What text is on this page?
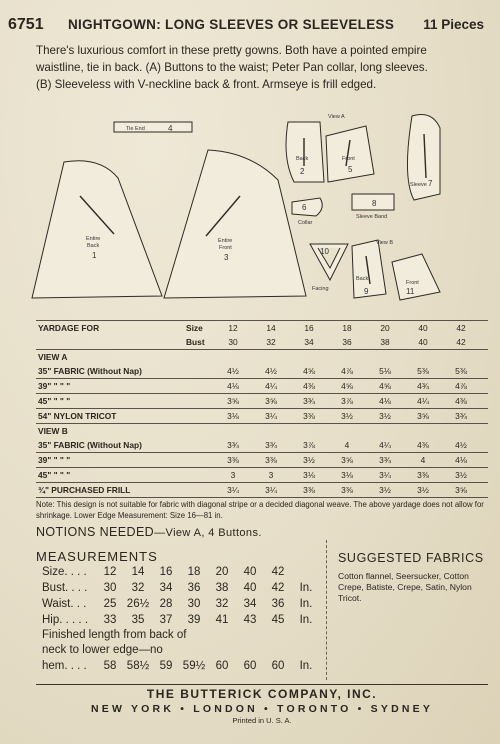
6751 NIGHTGOWN: LONG SLEEVES OR SLEEVELESS 11 Pieces

There's luxurious comfort in these pretty gowns. Both have a pointed empire

waistline, tie in back. (A) Buttons to the waist; Peter Pan collar, long sleeves.

(B) Sleeveless with V-neckline back & front. Armseye is frill edged.

Tie End	4
View A
View B
Entire
Back
1
Entire
Front
3
Back
2
Front
5
Sleeve 7
Collar
6
Sleeve Band
8
Facing
10
Back
9
Front
11
YARDAGE FOR	Size	12	14	16	18	20	40	42
Bust	30	32	34	36	38	40	42
VIEW A
35" FABRIC (Without Nap)	4½	4½	4⅝	4⅞	5⅛	5⅜	5⅜
39" " " "	4⅛	4¼	4⅜	4⅝	4⅝	4¾	4⅞
45" " " "	3⅝	3⅝	3¾	3⅞	4⅛	4¼	4⅜
54" NYLON TRICOT	3⅛	3¼	3⅜	3½	3½	3⅝	3¾
VIEW B
35" FABRIC (Without Nap)	3¾	3¾	3⅞	4	4¼	4⅜	4½
39" " " "	3⅜	3⅜	3½	3⅝	3¾	4	4⅛
45" " " "	3	3	3⅛	3⅛	3¼	3⅜	3½
¾" PURCHASED FRILL	3¼	3¼	3⅜	3⅜	3½	3½	3⅝
Note: This design is not suitable for fabric with diagonal stripe or a decided diagonal weave. The above yardage does not allow for shrinkage. Lower Edge Measurement: Size 16—81 in.
NOTIONS NEEDED—View A, 4 Buttons.
MEASUREMENTS
Size. . . .	12	14	16	18	20	40	42
Bust. . . .	30	32	34	36	38	40	42	In.
Waist. . .	25 26½ 28	30	32	34	36	In.
Hip. . . . .	33	35	37	39	41	43	45	In.
Finished length from back of
neck to lower edge—no
hem. . . .	58 58½ 59 59½ 60	60	60	In.
SUGGESTED FABRICS
Cotton flannel, Seersucker, Cotton Crepe, Batiste, Crepe, Satin, Nylon Tricot.
THE BUTTERICK COMPANY, INC.
NEW YORK • LONDON • TORONTO • SYDNEY
Printed in U. S. A.
